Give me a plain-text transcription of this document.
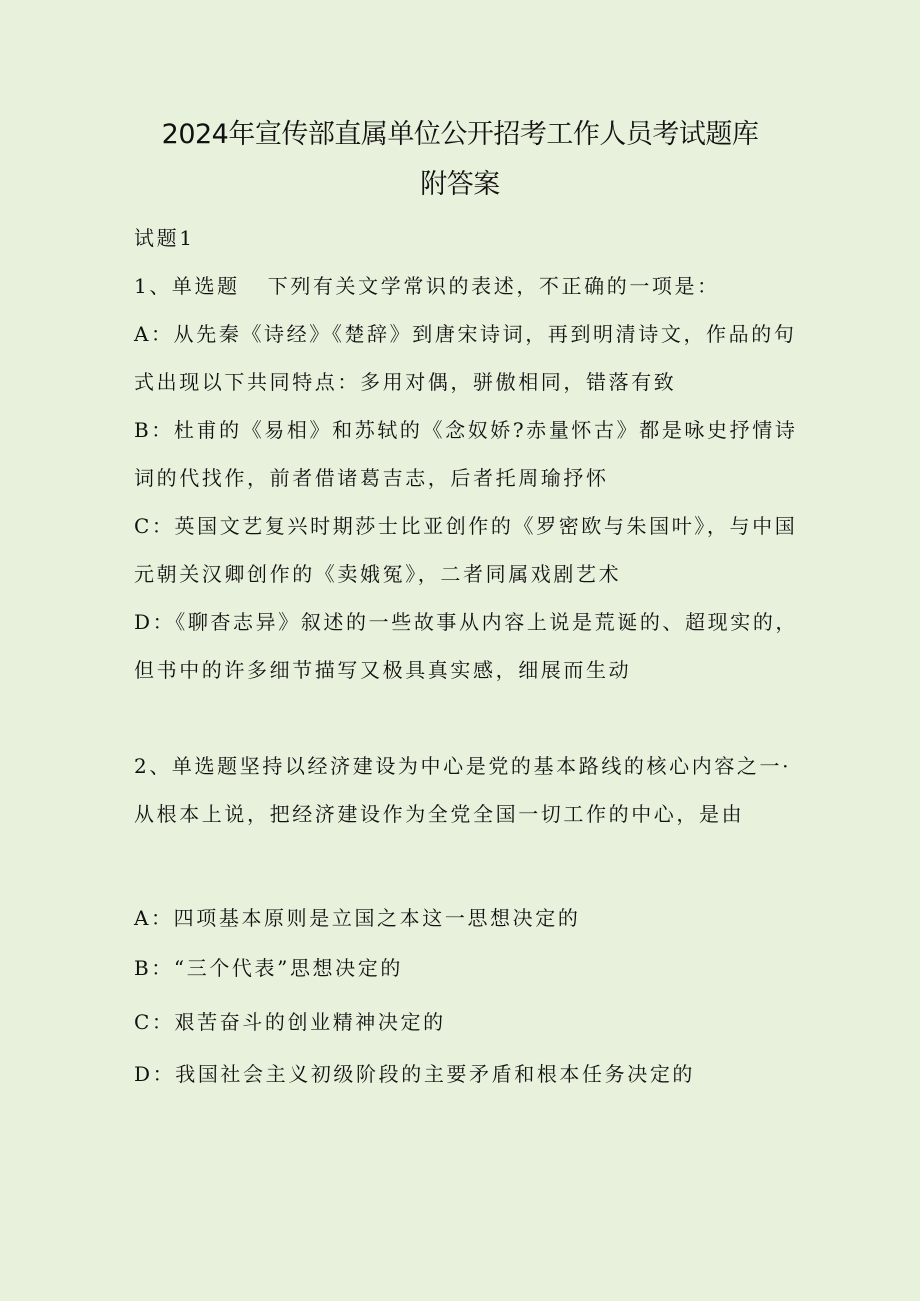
2024年宣传部直属单位公开招考工作人员考试题库
附答案
试题1
1、单选题 下列有关文学常识的表述，不正确的一项是：
A：从先秦《诗经》《楚辞》到唐宋诗词，再到明清诗文，作品的句
式出现以下共同特点：多用对偶，骈傲相同，错落有致
B：杜甫的《易相》和苏轼的《念奴娇?赤量怀古》都是咏史抒情诗
词的代找作，前者借诸葛吉志，后者托周瑜抒怀
C：英国文艺复兴时期莎士比亚创作的《罗密欧与朱国叶》，与中国
元朝关汉卿创作的《卖娥冤》，二者同属戏剧艺术
D：《聊杳志异》叙述的一些故事从内容上说是荒诞的、超现实的，
但书中的许多细节描写又极具真实感，细展而生动
2、单选题坚持以经济建设为中心是党的基本路线的核心内容之一·
从根本上说，把经济建设作为全党全国一切工作的中心，是由
A：四项基本原则是立国之本这一思想决定的
B：“三个代表”思想决定的
C：艰苦奋斗的创业精神决定的
D：我国社会主义初级阶段的主要矛盾和根本任务决定的
